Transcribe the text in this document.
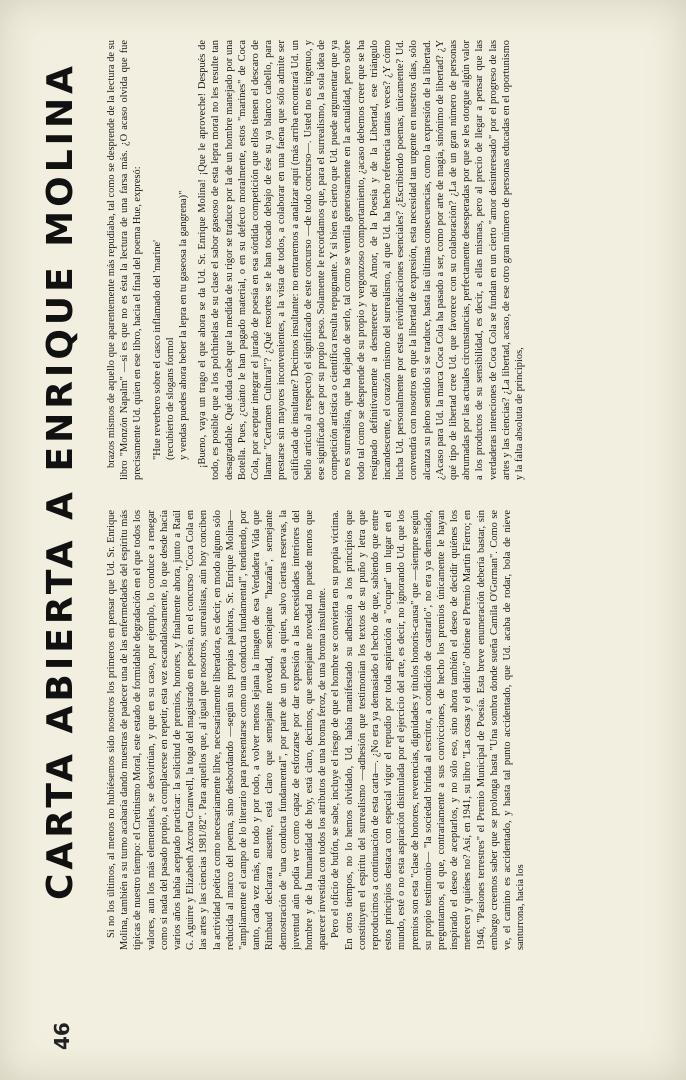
46
CARTA ABIERTA A ENRIQUE MOLINA Si no los últimos, al menos no hubiésemos sido nosotros los primeros en pensar que Ud. Sr. Enrique Molina, también a su turno acabaría dando muestras de padecer una de las enfermedades del espíritu más típicas de nuestro tiempo: el Cretinismo Moral, este estado de formidable degradación en el que todos los valores, aun los más elementales, se desvirtúan, y que en su caso, por ejemplo, lo conduce a renegar como si nada del pasado propio, a complacerse en repetir, esta vez escandalosamente, lo que desde hacía varios años había aceptado practicar: la solicitud de premios, honores, y finalmente ahora, junto a Raúl G. Aguirre y Elizabeth Azcona Cranwell, la toga del magistrado en poesía, en el concurso "Coca Cola en las artes y las ciencias 1981/82". Para aquellos que, al igual que nosotros, surrealistas, aún hoy conciben la actividad poética como necesariamente libre, necesariamente liberadora, es decir, en modo alguno sólo reducida al marco del poema, sino desbordando —según sus propias palabras, Sr. Enrique Molina— "ampliamente el campo de lo literario para presentarse como una conducta fundamental", tendiendo, por tanto, cada vez más, en todo y por todo, a volver menos lejana la imagen de esa Verdadera Vida que Rimbaud declarara ausente, está claro que semejante novedad, semejante "hazaña", semejante demostración de "una conducta fundamental", por parte de un poeta a quien, salvo ciertas reservas, la juventud aún podía ver como capaz de esforzarse por dar expresión a las necesidades interiores del hombre y de la humanidad de hoy, está claro, decimos, que semejante novedad no puede menos que aparecer investida con todos los atributos de una broma feroz, de una broma insultante. Pero el oficio de bufón, se sabe, incluye el riesgo de que el hombre se convierta en su propia víctima. En otros tiempos, no lo hemos olvidado, Ud. había manifestado su adhesión a los principios que constituyen el espíritu del surrealismo —adhesión que testimonian los textos de su puño y letra que reproducimos a continuación de esta carta—. ¿No era ya demasiado el hecho de que, sabiendo que entre estos principios destaca con especial vigor el repudio por toda aspiración a "ocupar" un lugar en el mundo, esté o no esta aspiración disimulada por el ejercicio del arte, es decir, no ignorando Ud. que los premios son esta "clase de honores, reverencias, dignidades y títulos honoris-causa" que —siempre según su propio testimonio— "la sociedad brinda al escritor, a condición de castrarlo", no era ya demasiado, preguntamos, el que, contrariamente a sus convicciones, de hecho los premios únicamente le hayan inspirado el deseo de aceptarlos, y no sólo eso, sino ahora también el deseo de decidir quiénes los merecen y quiénes no? Así, en 1941, su libro "Las cosas y el delirio" obtiene el Premio Martín Fierro; en 1946, "Pasiones terrestres" el Premio Municipal de Poesía. Esta breve enumeración debería bastar, sin embargo creemos saber que se prolonga hasta "Una sombra donde sueña Camila O'Gorman". Como se ve, el camino es accidentado, y hasta tal punto accidentado, que Ud. acaba de rodar, bola de nieve santurrona, hacia los

brazos mismos de aquello que aparentemente más repudiaba, tal como se desprende de la lectura de su libro "Monzón Napalm" —si es que no es ésta la lectura de una farsa más. ¿O acaso olvida que fue precisamente Ud. quien en ese libro, hacia el final del poema Hue, expresó: "Hue reverbero sobre el casco inflamado del 'marine' (recubierto de slogans formol y vendas puedes ahora beber la lepra en tu gaseosa la gangrena)" ¡Bueno, vaya un trago el que ahora se da Ud. Sr. Enrique Molina! ¡Que le aproveche! Después de todo, es posible que a los polchinelas de su clase el sabor gaseoso de esta lepra moral no les resulte tan desagradable. Qué duda cabe que la medida de su rigor se traduce por la de un hombre manejado por una Botella. Pues, ¿cuánto le han pagado material, o en su defecto moralmente, estos "marines" de Coca Cola, por aceptar integrar el jurado de poesía en esa sórdida competición que ellos tienen el descaro de llamar "Certamen Cultural"? ¿Qué resortes se le han tocado debajo de ése su ya blanco cabello, para prestarse sin mayores inconvenientes, a la vista de todos, a colaborar en una faena que sólo admite ser calificada de insultante? Decimos insultante: no entraremos a analizar aquí (más arriba encontrará Ud. un bello artículo al respecto) el significado de este concurso —de todo concurso—. Usted no es ingenuo, y ese significado cae por su propio peso. Solamente le recordamos que, para el surrealismo, la sola idea de competición artística o científica resulta repugnante. Y si bien es cierto que Ud. puede argumentar que ya no es surrealista, que ha dejado de serlo, tal como se ventila generosamente en la actualidad, pero sobre todo tal como se desprende de su propio y vergonzoso comportamiento, ¿acaso debemos creer que se ha resignado definitivamente a desmerecer del Amor, de la Poesía y de la Libertad, ese triángulo incandescente, el corazón mismo del surrealismo, al que Ud. ha hecho referencia tantas veces? ¿Y cómo lucha Ud. personalmente por estas reivindicaciones esenciales? ¿Escribiendo poemas, únicamente? Ud. convendrá con nosotros en que la libertad de expresión, esta necesidad tan urgente en nuestros días, sólo alcanza su pleno sentido si se traduce, hasta las últimas consecuencias, como la expresión de la libertad. ¿Acaso para Ud. la marca Coca Cola ha pasado a ser, como por arte de magia, sinónimo de libertad? ¿Y qué tipo de libertad cree Ud. que favorece con su colaboración? ¿La de un gran número de personas abrumadas por las actuales circunstancias, perfectamente desesperadas por que se les otorgue algún valor a los productos de su sensibilidad, es decir, a ellas mismas, pero al precio de llegar a pensar que las verdaderas intenciones de Coca Cola se fundan en un cierto "amor desinteresado" por el progreso de las artes y las ciencias? ¿La libertad, acaso, de ese otro gran número de personas educadas en el oportunismo y la falta absoluta de principios,
